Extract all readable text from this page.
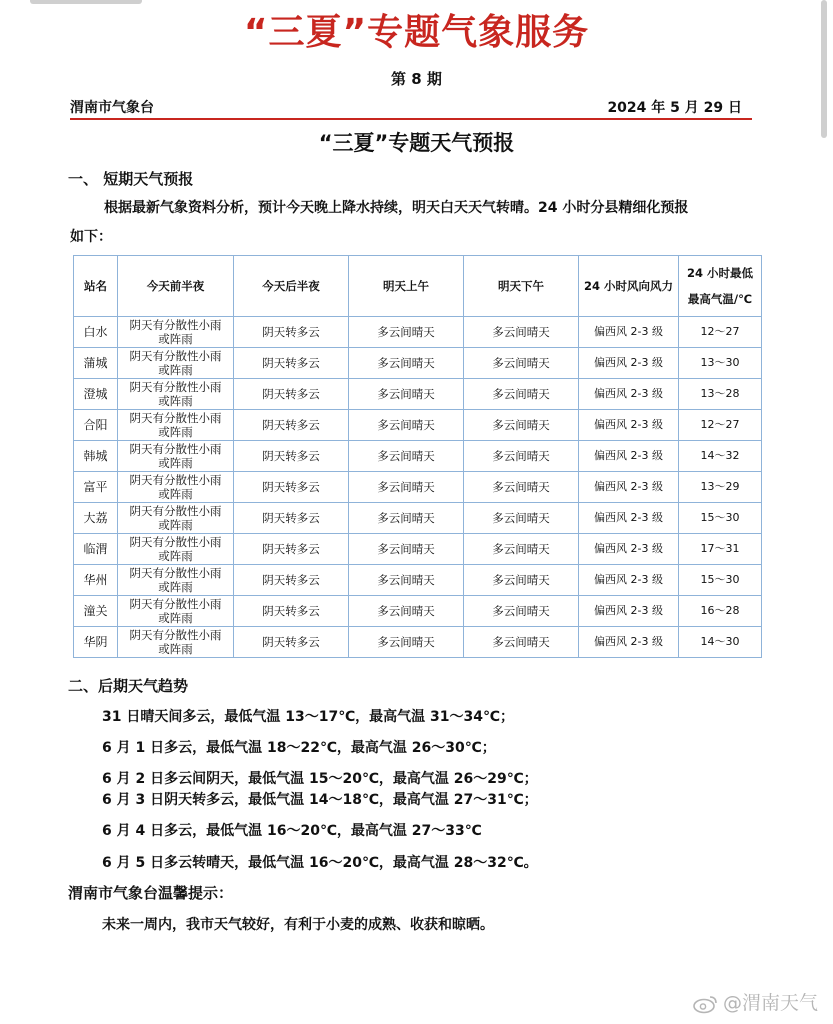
“三夏”专题气象服务
第 8 期
渭南市气象台	2024 年 5 月 29 日
“三夏”专题天气预报
一、 短期天气预报
根据最新气象资料分析，预计今天晚上降水持续，明天白天天气转晴。24 小时分县精细化预报
如下：
站名	今天前半夜	今天后半夜	明天上午	明天下午	24 小时风向风力	24 小时最低
最高气温/℃

白水	阴天有分散性小雨
或阵雨	阴天转多云	多云间晴天	多云间晴天	偏西风 2-3 级	12～27
蒲城	阴天有分散性小雨
或阵雨	阴天转多云	多云间晴天	多云间晴天	偏西风 2-3 级	13～30
澄城	阴天有分散性小雨
或阵雨	阴天转多云	多云间晴天	多云间晴天	偏西风 2-3 级	13～28
合阳	阴天有分散性小雨
或阵雨	阴天转多云	多云间晴天	多云间晴天	偏西风 2-3 级	12～27
韩城	阴天有分散性小雨
或阵雨	阴天转多云	多云间晴天	多云间晴天	偏西风 2-3 级	14～32
富平	阴天有分散性小雨
或阵雨	阴天转多云	多云间晴天	多云间晴天	偏西风 2-3 级	13～29
大荔	阴天有分散性小雨
或阵雨	阴天转多云	多云间晴天	多云间晴天	偏西风 2-3 级	15～30
临渭	阴天有分散性小雨
或阵雨	阴天转多云	多云间晴天	多云间晴天	偏西风 2-3 级	17～31
华州	阴天有分散性小雨
或阵雨	阴天转多云	多云间晴天	多云间晴天	偏西风 2-3 级	15～30
潼关	阴天有分散性小雨
或阵雨	阴天转多云	多云间晴天	多云间晴天	偏西风 2-3 级	16～28
华阴	阴天有分散性小雨
或阵雨	阴天转多云	多云间晴天	多云间晴天	偏西风 2-3 级	14～30
二、后期天气趋势
31 日晴天间多云，最低气温 13～17℃，最高气温 31～34℃；
6 月 1 日多云，最低气温 18～22℃，最高气温 26～30℃；
6 月 2 日多云间阴天，最低气温 15～20℃，最高气温 26～29℃；
6 月 3 日阴天转多云，最低气温 14～18℃，最高气温 27～31℃；
6 月 4 日多云，最低气温 16～20℃，最高气温 27～33℃
6 月 5 日多云转晴天，最低气温 16～20℃，最高气温 28～32℃。
渭南市气象台温馨提示：
未来一周内，我市天气较好，有利于小麦的成熟、收获和晾晒。
@渭南天气
